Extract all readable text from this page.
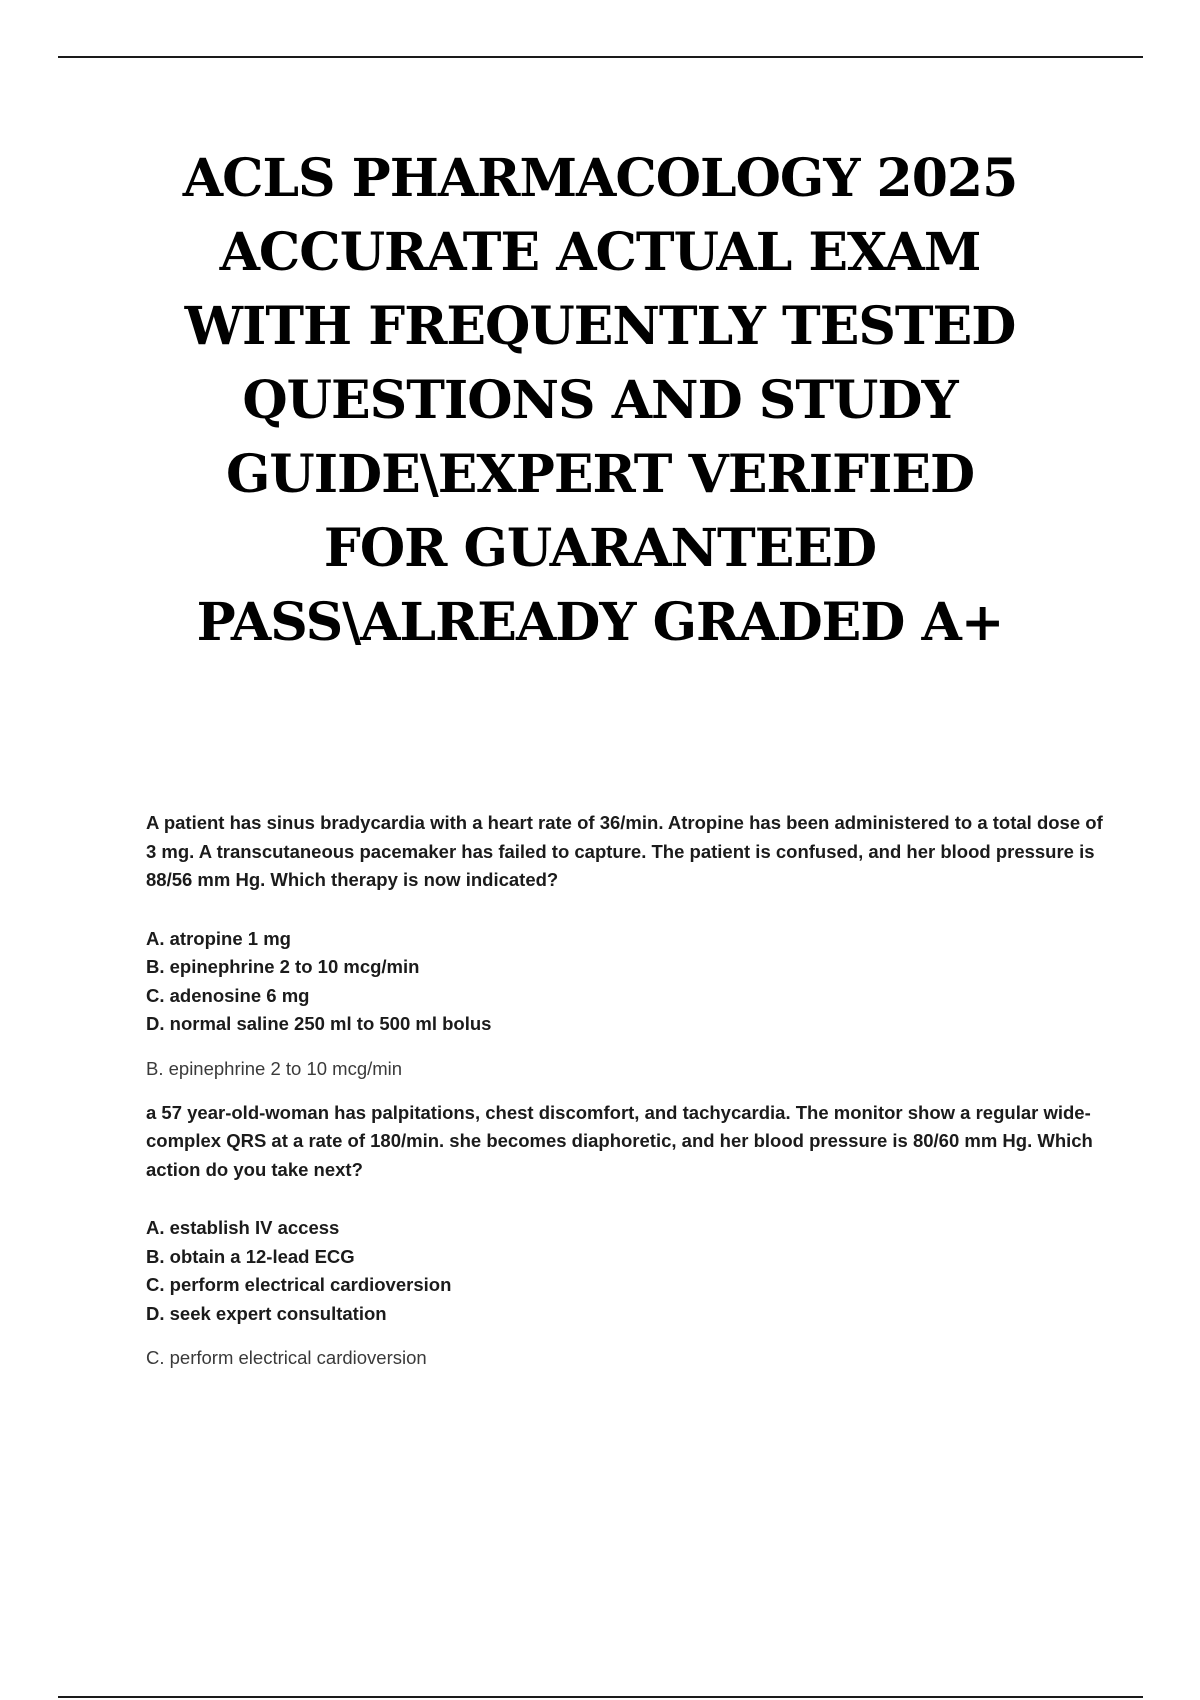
ACLS PHARMACOLOGY 2025
ACCURATE ACTUAL EXAM
WITH FREQUENTLY TESTED
QUESTIONS AND STUDY
GUIDE\EXPERT VERIFIED
FOR GUARANTEED
PASS\ALREADY GRADED A+

A patient has sinus bradycardia with a heart rate of 36/min. Atropine has been administered to a total dose of 3 mg. A transcutaneous pacemaker has failed to capture. The patient is confused, and her blood pressure is 88/56 mm Hg. Which therapy is now indicated?

A. atropine 1 mg
B. epinephrine 2 to 10 mcg/min
C. adenosine 6 mg
D. normal saline 250 ml to 500 ml bolus

B. epinephrine 2 to 10 mcg/min

a 57 year-old-woman has palpitations, chest discomfort, and tachycardia. The monitor show a regular wide-complex QRS at a rate of 180/min. she becomes diaphoretic, and her blood pressure is 80/60 mm Hg. Which action do you take next?

A. establish IV access
B. obtain a 12-lead ECG
C. perform electrical cardioversion
D. seek expert consultation

C. perform electrical cardioversion
